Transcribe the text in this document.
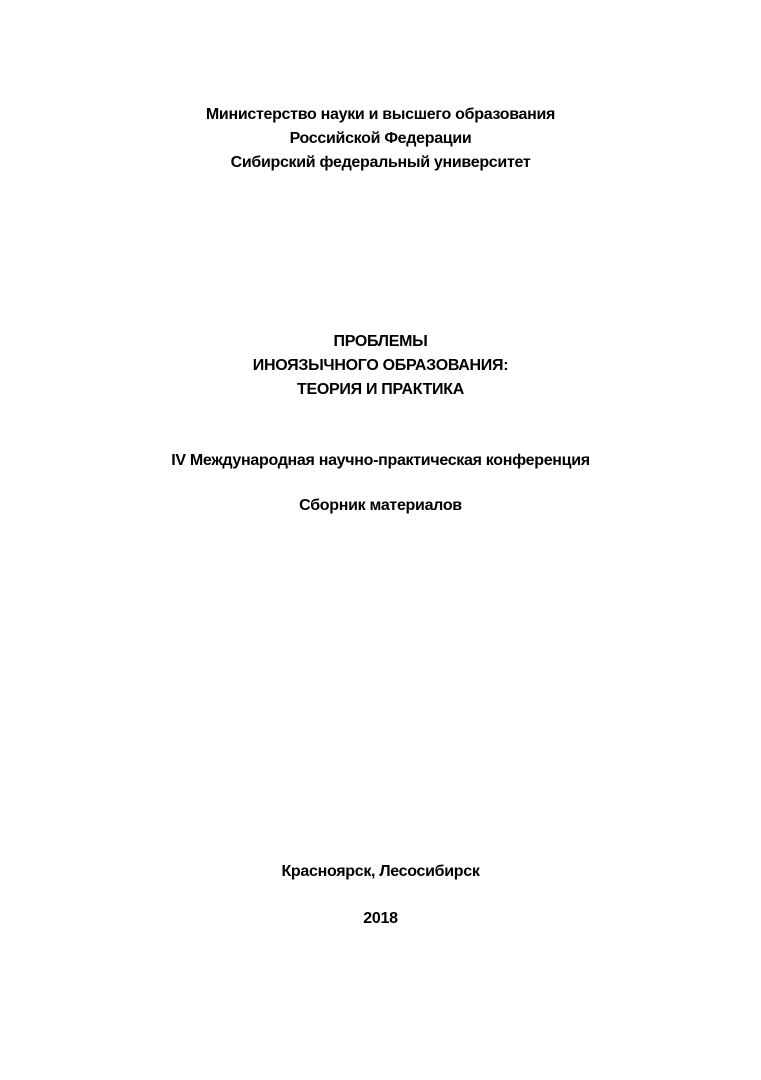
Министерство науки и высшего образования
Российской Федерации
Сибирский федеральный университет
ПРОБЛЕМЫ
ИНОЯЗЫЧНОГО ОБРАЗОВАНИЯ:
ТЕОРИЯ И ПРАКТИКА
IV Международная научно-практическая конференция
Сборник материалов
Красноярск, Лесосибирск
2018
